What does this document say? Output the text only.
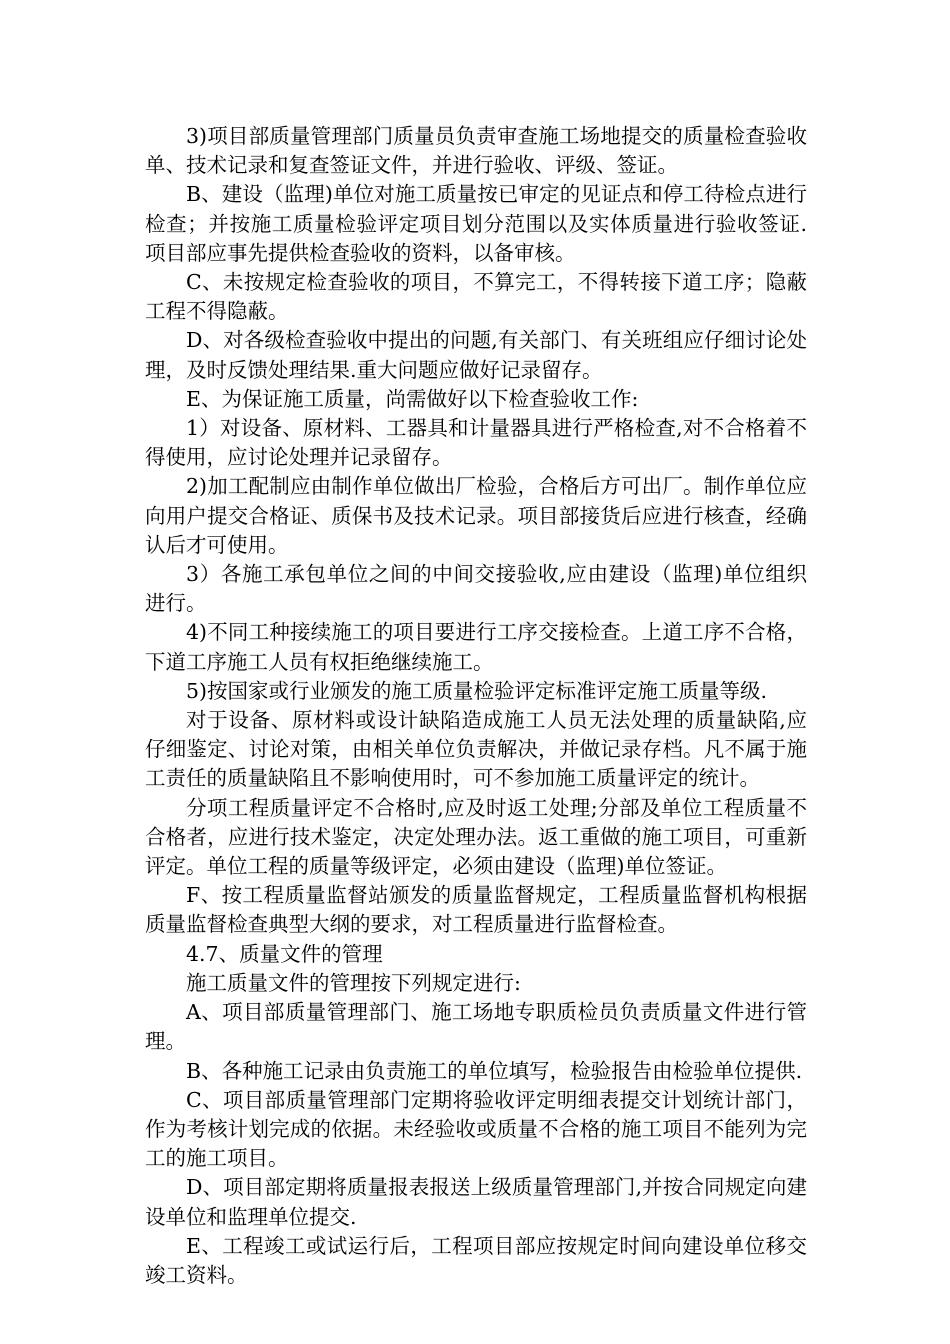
3)项目部质量管理部门质量员负责审查施工场地提交的质量检查验收单、技术记录和复查签证文件，并进行验收、评级、签证。

B、建设（监理)单位对施工质量按已审定的见证点和停工待检点进行检查；并按施工质量检验评定项目划分范围以及实体质量进行验收签证.项目部应事先提供检查验收的资料，以备审核。

C、未按规定检查验收的项目，不算完工，不得转接下道工序；隐蔽工程不得隐蔽。

D、对各级检查验收中提出的问题,有关部门、有关班组应仔细讨论处理，及时反馈处理结果.重大问题应做好记录留存。

E、为保证施工质量，尚需做好以下检查验收工作:

1）对设备、原材料、工器具和计量器具进行严格检查,对不合格着不得使用，应讨论处理并记录留存。

2)加工配制应由制作单位做出厂检验，合格后方可出厂。制作单位应向用户提交合格证、质保书及技术记录。项目部接货后应进行核查，经确认后才可使用。

3）各施工承包单位之间的中间交接验收,应由建设（监理)单位组织进行。

4)不同工种接续施工的项目要进行工序交接检查。上道工序不合格，下道工序施工人员有权拒绝继续施工。

5)按国家或行业颁发的施工质量检验评定标准评定施工质量等级.

对于设备、原材料或设计缺陷造成施工人员无法处理的质量缺陷,应仔细鉴定、讨论对策，由相关单位负责解决，并做记录存档。凡不属于施工责任的质量缺陷且不影响使用时，可不参加施工质量评定的统计。

分项工程质量评定不合格时,应及时返工处理;分部及单位工程质量不合格者，应进行技术鉴定，决定处理办法。返工重做的施工项目，可重新评定。单位工程的质量等级评定，必须由建设（监理)单位签证。

F、按工程质量监督站颁发的质量监督规定，工程质量监督机构根据质量监督检查典型大纲的要求，对工程质量进行监督检查。

4.7、质量文件的管理

施工质量文件的管理按下列规定进行:

A、项目部质量管理部门、施工场地专职质检员负责质量文件进行管理。

B、各种施工记录由负责施工的单位填写，检验报告由检验单位提供.

C、项目部质量管理部门定期将验收评定明细表提交计划统计部门，作为考核计划完成的依据。未经验收或质量不合格的施工项目不能列为完工的施工项目。

D、项目部定期将质量报表报送上级质量管理部门,并按合同规定向建设单位和监理单位提交.

E、工程竣工或试运行后，工程项目部应按规定时间向建设单位移交竣工资料。
